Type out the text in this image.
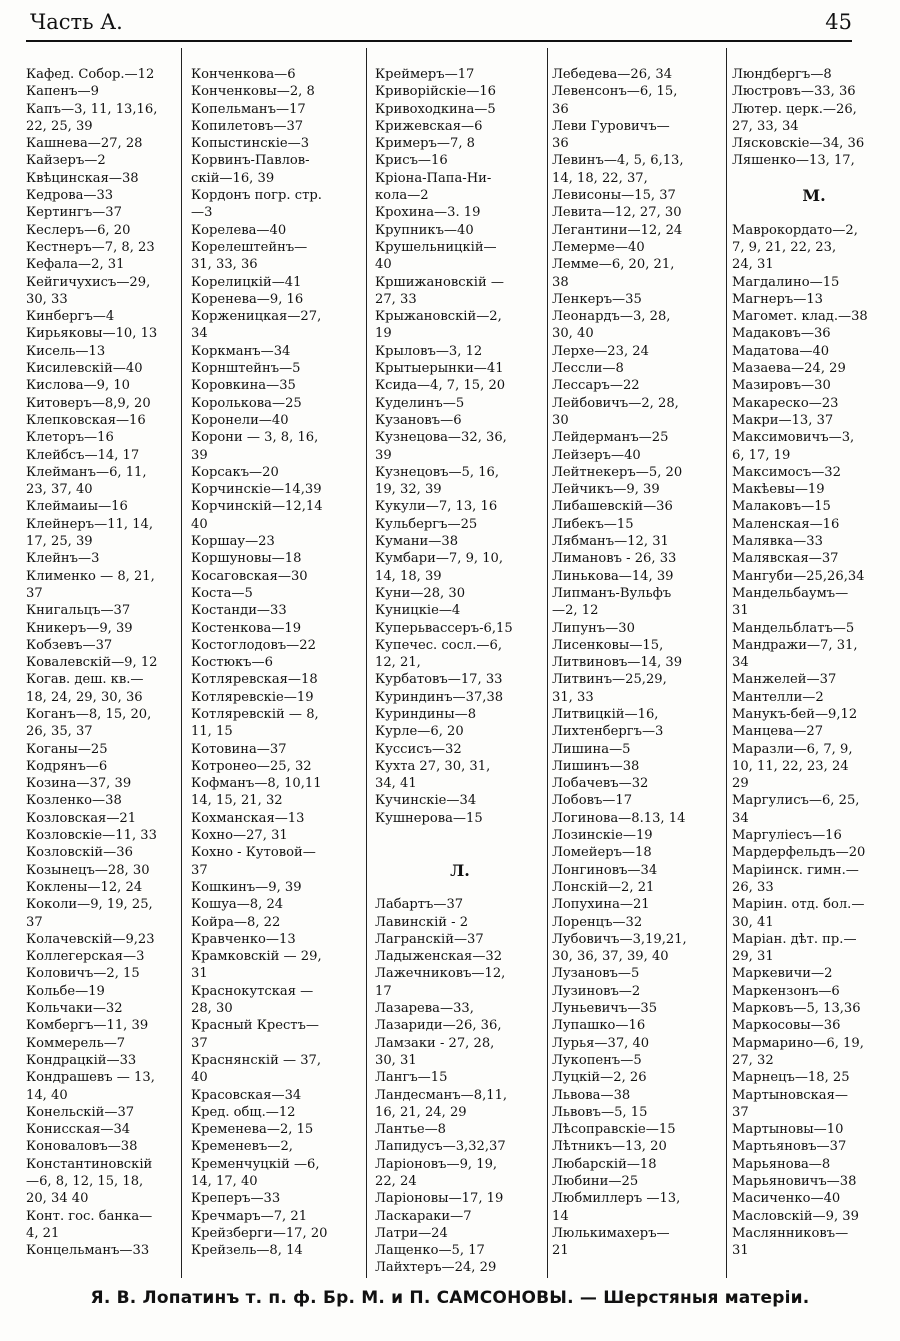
Часть А.	45
Кафед. Собор.—12
Капенъ—9
Капъ—3, 11, 13,16,
22, 25, 39
Кашнева—27, 28
Кайзеръ—2
Квѣцинская—38
Кедрова—33
Кертингъ—37
Кеслеръ—6, 20
Кестнеръ—7, 8, 23
Кефала—2, 31
Кейгичухисъ—29,
30, 33
Кинбергъ—4
Кирьяковы—10, 13
Кисель—13
Кисилевскій—40
Кислова—9, 10
Китоверъ—8,9, 20
Клепковская—16
Клеторъ—16
Клейбсъ—14, 17
Клейманъ—6, 11,
23, 37, 40
Клеймаиы—16
Клейнеръ—11, 14,
17, 25, 39
Клейнъ—3
Клименко — 8, 21,
37
Книгальцъ—37
Кникеръ—9, 39
Кобзевъ—37
Ковалевскій—9, 12
Когав. деш. кв.—
18, 24, 29, 30, 36
Коганъ—8, 15, 20,
26, 35, 37
Коганы—25
Кодрянъ—6
Козина—37, 39
Козленко—38
Козловская—21
Козловскіе—11, 33
Козловскій—36
Козынецъ—28, 30
Коклены—12, 24
Коколи—9, 19, 25,
37
Колачевскій—9,23
Коллегерская—3
Коловичъ—2, 15
Кольбе—19
Кольчаки—32
Комбергъ—11, 39
Коммерель—7
Кондрацкій—33
Кондрашевъ — 13,
14, 40
Конельскій—37
Конисская—34
Коноваловъ—38
Константиновскій
—6, 8, 12, 15, 18,
20, 34 40
Конт. гос. банка—
4, 21
Концельманъ—33
Конченкова—6
Конченковы—2, 8
Копельманъ—17
Копилетовъ—37
Копыстинскіе—3
Корвинъ-Павлов-
скій—16, 39
Кордонъ погр. стр.
—3
Корелева—40
Корелештейнъ—
31, 33, 36
Корелицкій—41
Коренева—9, 16
Корженицкая—27,
34
Коркманъ—34
Корнштейнъ—5
Коровкина—35
Королькова—25
Коронели—40
Корони — 3, 8, 16,
39
Корсакъ—20
Корчинскіе—14,39
Корчинскій—12,14
40
Коршау—23
Коршуновы—18
Косаговская—30
Коста—5
Костанди—33
Костенкова—19
Костоглодовъ—22
Костюкъ—6
Котляревская—18
Котляревскіе—19
Котляревскій — 8,
11, 15
Котовина—37
Котронео—25, 32
Кофманъ—8, 10,11
14, 15, 21, 32
Кохманская—13
Кохно—27, 31
Кохно - Кутовой—
37
Кошкинъ—9, 39
Кошуа—8, 24
Койра—8, 22
Кравченко—13
Крамковскій — 29,
31
Краснокутская —
28, 30
Красный Крестъ—
37
Краснянскій — 37,
40
Красовская—34
Кред. общ.—12
Кременева—2, 15
Кременевъ—2,
Кременчуцкій —6,
14, 17, 40
Креперъ—33
Кречмаръ—7, 21
Крейзберги—17, 20
Крейзель—8, 14
Креймеръ—17
Криворійскіе—16
Кривоходкина—5
Крижевская—6
Кримеръ—7, 8
Крисъ—16
Кріона-Папа-Ни-
кола—2
Крохина—3. 19
Крупникъ—40
Крушельницкій—
40
Кршижановскій —
27, 33
Крыжановскій—2,
19
Крыловъ—3, 12
Крытыерынки—41
Ксида—4, 7, 15, 20
Куделинъ—5
Кузановъ—6
Кузнецова—32, 36,
39
Кузнецовъ—5, 16,
19, 32, 39
Кукули—7, 13, 16
Кульбергъ—25
Кумани—38
Кумбари—7, 9, 10,
14, 18, 39
Куни—28, 30
Куницкіе—4
Куперьвассеръ-6,15
Купечес. сосл.—6,
12, 21,
Курбатовъ—17, 33
Куриндинъ—37,38
Куриндины—8
Курле—6, 20
Куссисъ—32
Кухта 27, 30, 31,
34, 41
Кучинскіе—34
Кушнерова—15
Л.
Лабартъ—37
Лавинскій - 2
Лагранскій—37
Ладыженская—32
Лажечниковъ—12,
17
Лазарева—33,
Лазариди—26, 36,
Ламзаки - 27, 28,
30, 31
Лангъ—15
Ландесманъ—8,11,
16, 21, 24, 29
Лантье—8
Лапидусъ—3,32,37
Ларіоновъ—9, 19,
22, 24
Ларіоновы—17, 19
Ласкараки—7
Латри—24
Лащенко—5, 17
Лайхтеръ—24, 29
Лебедева—26, 34
Левенсонъ—6, 15,
36
Леви Гуровичъ—
36
Левинъ—4, 5, 6,13,
14, 18, 22, 37,
Левисоны—15, 37
Левита—12, 27, 30
Легантини—12, 24
Лемерме—40
Лемме—6, 20, 21,
38
Ленкеръ—35
Леонардъ—3, 28,
30, 40
Лерхе—23, 24
Лесcли—8
Лессаръ—22
Лейбовичъ—2, 28,
30
Лейдерманъ—25
Лейзеръ—40
Лейтнекеръ—5, 20
Лейчикъ—9, 39
Либашевскій—36
Либекъ—15
Лябманъ—12, 31
Лимановъ - 26, 33
Линькова—14, 39
Липманъ-Вульфъ
—2, 12
Липунъ—30
Лисенковы—15,
Литвиновъ—14, 39
Литвинъ—25,29,
31, 33
Литвицкій—16,
Лихтенбергъ—3
Лишина—5
Лишинъ—38
Лобачевъ—32
Лобовъ—17
Логинова—8.13, 14
Лозинскіе—19
Ломейеръ—18
Лонгиновъ—34
Лонскій—2, 21
Лопухина—21
Лоренцъ—32
Лубовичъ—3,19,21,
30, 36, 37, 39, 40
Лузановъ—5
Лузиновъ—2
Луньевичъ—35
Лупашко—16
Лурья—37, 40
Лукопенъ—5
Луцкій—2, 26
Львова—38
Львовъ—5, 15
Лѣсоправскіе—15
Лѣтникъ—13, 20
Любарскій—18
Любини—25
Любмиллеръ —13,
14
Люлькимахеръ—
21
Люндбергъ—8
Люстровъ—33, 36
Лютер. церк.—26,
27, 33, 34
Лясковскіе—34, 36
Ляшенко—13, 17,
М.
Маврокордато—2,
7, 9, 21, 22, 23,
24, 31
Магдалино—15
Магнеръ—13
Магомет. клад.—38
Мадаковъ—36
Мадатова—40
Мазаева—24, 29
Мазировъ—30
Макареско—23
Макри—13, 37
Максимовичъ—3,
6, 17, 19
Максимосъ—32
Макѣевы—19
Малаковъ—15
Маленская—16
Малявка—33
Малявская—37
Мангуби—25,26,34
Мандельбаумъ—
31
Мандельблатъ—5
Мандражи—7, 31,
34
Манжелей—37
Мантелли—2
Манукъ-бей—9,12
Манцева—27
Маразли—6, 7, 9,
10, 11, 22, 23, 24
29
Маргулисъ—6, 25,
34
Маргуліесъ—16
Мардерфельдъ—20
Маріинск. гимн.—
26, 33
Маріин. отд. бол.—
30, 41
Маріан. дѣт. пр.—
29, 31
Маркевичи—2
Маркензонъ—6
Марковъ—5, 13,36
Маркосовы—36
Мармарино—6, 19,
27, 32
Марнецъ—18, 25
Мартыновская—
37
Мартыновы—10
Мартьяновъ—37
Марьянова—8
Марьяновичъ—38
Масиченко—40
Масловскій—9, 39
Маслянниковъ—
31
Я. В. Лопатинъ т. п. ф. Бр. М. и П. САМСОНОВЫ. — Шерстяныя матеріи.
